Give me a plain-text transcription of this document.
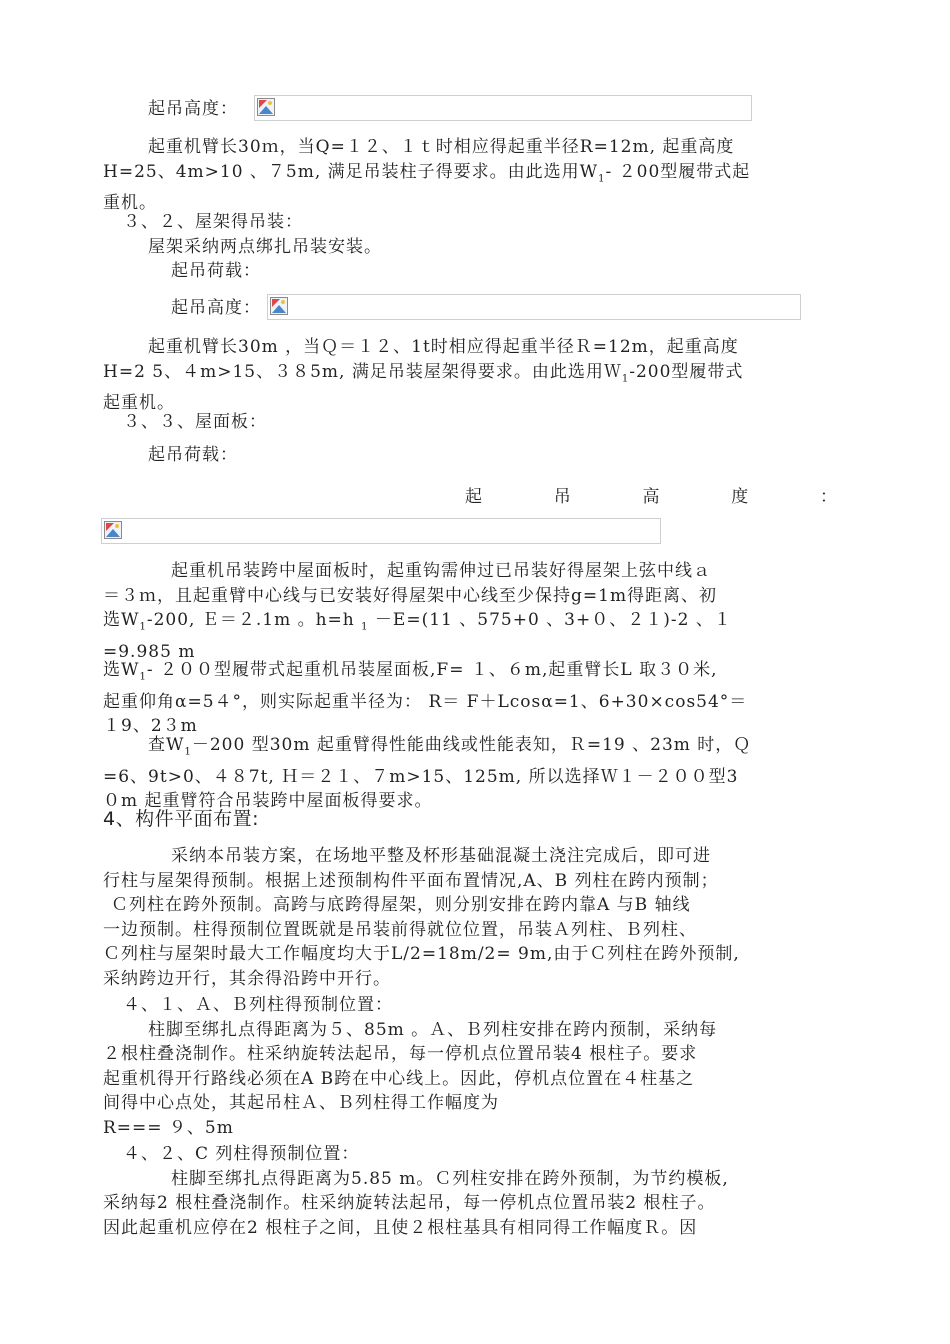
起吊高度：
起重机臂长30ｍ，当Q=１２、１ｔ时相应得起重半径R=12m, 起重高度
H=25、4m>10 、７5m, 满足吊装柱子得要求。由此选用$W_1-$ ２00型履带式起
重机。
３、２、屋架得吊装：
屋架采纳两点绑扎吊装安装。
起吊荷载：
起吊高度：
起重机臂长30m ，当Ｑ＝１２、1t时相应得起重半径Ｒ=12m，起重高度
H=2 5、４m>15、３８5m, 满足吊装屋架得要求。由此选用Ｗ$_1$-200型履带式
起重机。
３、３、屋面板：
起吊荷载：
起	吊	高	度	：
起重机吊装跨中屋面板时，起重钩需伸过已吊装好得屋架上弦中线ａ
＝３ｍ，且起重臂中心线与已安装好得屋架中心线至少保持g=1m得距离、初
选$W_1-200$, Ｅ＝２.1m 。h=h $_1$ －E=(11 、575+0 、3+０、２１)-2 、１
=9.985 m
选$W_1-$ ２００型履带式起重机吊装屋面板,F= １、６m,起重臂长L 取３０米,
起重仰角α=5４°，则实际起重半径为： R＝ F＋Lcosα=1、6+30×cos54°＝
１9、2３m
查$W_1-200$ 型30m 起重臂得性能曲线或性能表知，Ｒ=19 、23m 时，Ｑ
=6、9t>0、４８7t, Ｈ＝２１、７m>15、125m, 所以选择Ｗ１－２００型3
０m 起重臂符合吊装跨中屋面板得要求。
4、构件平面布置:
采纳本吊装方案，在场地平整及杯形基础混凝土浇注完成后，即可进
行柱与屋架得预制。根据上述预制构件平面布置情况,A、B 列柱在跨内预制；
Ｃ列柱在跨外预制。高跨与底跨得屋架，则分别安排在跨内靠A 与B 轴线
一边预制。柱得预制位置既就是吊装前得就位位置，吊装Ａ列柱、Ｂ列柱、
Ｃ列柱与屋架时最大工作幅度均大于L/2=18m/2= 9m,由于Ｃ列柱在跨外预制,
采纳跨边开行，其余得沿跨中开行。
４、１、Ａ、Ｂ列柱得预制位置：
柱脚至绑扎点得距离为５、85m 。Ａ、Ｂ列柱安排在跨内预制，采纳每
２根柱叠浇制作。柱采纳旋转法起吊，每一停机点位置吊装4 根柱子。要求
起重机得开行路线必须在A B跨在中心线上。因此，停机点位置在４柱基之
间得中心点处，其起吊柱Ａ、Ｂ列柱得工作幅度为
R=== ９、5m
４、２、C 列柱得预制位置：
柱脚至绑扎点得距离为5.85 m。Ｃ列柱安排在跨外预制，为节约模板,
采纳每2 根柱叠浇制作。柱采纳旋转法起吊，每一停机点位置吊装2 根柱子。
因此起重机应停在2 根柱子之间，且使２根柱基具有相同得工作幅度Ｒ。因
